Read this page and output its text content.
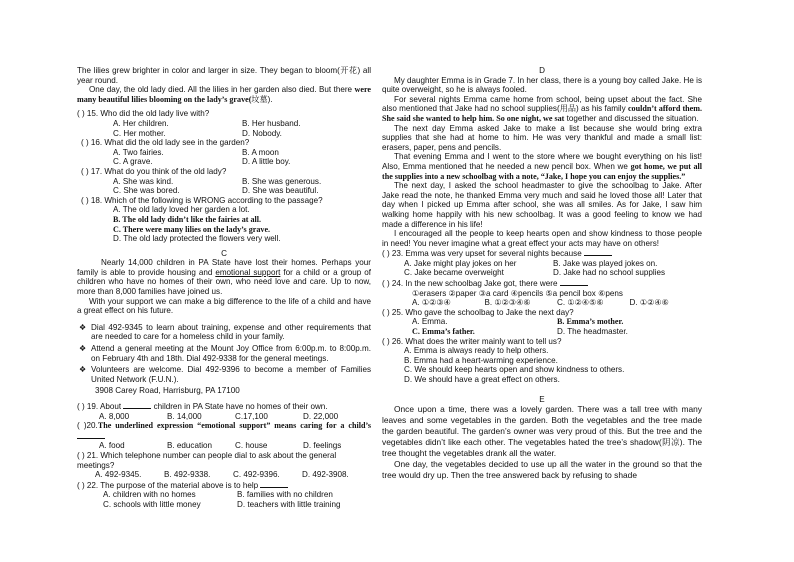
The lilies grew brighter in color and larger in size. They began to bloom(开花) all year round.

One day, the old lady died. All the lilies in her garden also died. But there were many beautiful lilies blooming on the lady’s grave(坟墓).

( ) 15. Who did the old lady live with?

A. Her children.	B. Her husband.
C. Her mother.	D. Nobody.

( ) 16. What did the old lady see in the garden?

A. Two fairies.	B. A moon
C. A grave.	D. A little boy.

( ) 17. What do you think of the old lady?

A. She was kind.	B. She was generous.
C. She was bored.	D. She was beautiful.

( ) 18. Which of the following is WRONG according to the passage?

A. The old lady loved her garden a lot.

B. The old lady didn’t like the fairies at all.

C. There were many lilies on the lady’s grave.

D. The old lady protected the flowers very well.

C

Nearly 14,000 children in PA State have lost their homes. Perhaps your family is able to provide housing and emotional support for a child or a group of children who have no homes of their own, who need love and care. Up to now, more than 8,000 families have joined us.

With your support we can make a big difference to the life of a child and have a great effect on his future.

❖ Dial 492-9345 to learn about training, expense and other requirements that are needed to care for a homeless child in your family.
❖ Attend a general meeting at the Mount Joy Office from 6:00p.m. to 8:00p.m. on February 4th and 18th. Dial 492-9338 for the general meetings.
❖ Volunteers are welcome. Dial 492-9396 to become a member of Families United Network (F.U.N.).

3908 Carey Road, Harrisburg, PA 17100

( ) 19. About	children in PA State have no homes of their own.

A. 8,000	B. 14,000	C.17,100	D. 22,000

( )20.The underlined expression “emotional support” means caring for a child’s

A. food	B. education	C. house	D. feelings

( ) 21. Which telephone number can people dial to ask about the general meetings?

A. 492-9345.	B. 492-9338.	C. 492-9396.	D. 492-3908.

( ) 22. The purpose of the material above is to help

A. children with no homes	B. families with no children
C. schools with little money	D. teachers with little training

D

My daughter Emma is in Grade 7. In her class, there is a young boy called Jake. He is quite overweight, so he is always fooled.

For several nights Emma came home from school, being upset about the fact. She also mentioned that Jake had no school supplies(用品) as his family couldn’t afford them. She said she wanted to help him. So one night, we sat together and discussed the situation.

The next day Emma asked Jake to make a list because she would bring extra supplies that she had at home to him. He was very thankful and made a small list: erasers, paper, pens and pencils.

That evening Emma and I went to the store where we bought everything on his list! Also, Emma mentioned that he needed a new pencil box. When we got home, we put all the supplies into a new schoolbag with a note, “Jake, I hope you can enjoy the supplies.”

The next day, I asked the school headmaster to give the schoolbag to Jake. After Jake read the note, he thanked Emma very much and said he loved those all! Later that day when I picked up Emma after school, she was all smiles. As for Jake, I saw him walking home happily with his new schoolbag. It was a good feeling to know we had made a difference in his life!

I encouraged all the people to keep hearts open and show kindness to those people in need! You never imagine what a great effect your acts may have on others!

( ) 23. Emma was very upset for several nights because

A. Jake might play jokes on her	B. Jake was played jokes on.
C. Jake became overweight	D. Jake had no school supplies

( ) 24. In the new schoolbag Jake got, there were

①erasers ②paper ③a card ④pencils ⑤a pencil box ⑥pens

A. ①②③④	B. ①②③④⑥	C. ①②④⑤⑥	D. ①②④⑥

( ) 25. Who gave the schoolbag to Jake the next day?

A. Emma.	B. Emma’s mother.
C. Emma’s father.	D. The headmaster.

( ) 26. What does the writer mainly want to tell us?

A. Emma is always ready to help others.

B. Emma had a heart-warming experience.

C. We should keep hearts open and show kindness to others.

D. We should have a great effect on others.

E

Once upon a time, there was a lovely garden. There was a tall tree with many leaves and some vegetables in the garden. Both the vegetables and the tree made the garden beautiful. The garden’s owner was very proud of this. But the tree and the vegetables didn’t like each other. The vegetables hated the tree’s shadow(阴凉). The tree thought the vegetables drank all the water.

One day, the vegetables decided to use up all the water in the ground so that the tree would dry up. Then the tree answered back by refusing to shade
